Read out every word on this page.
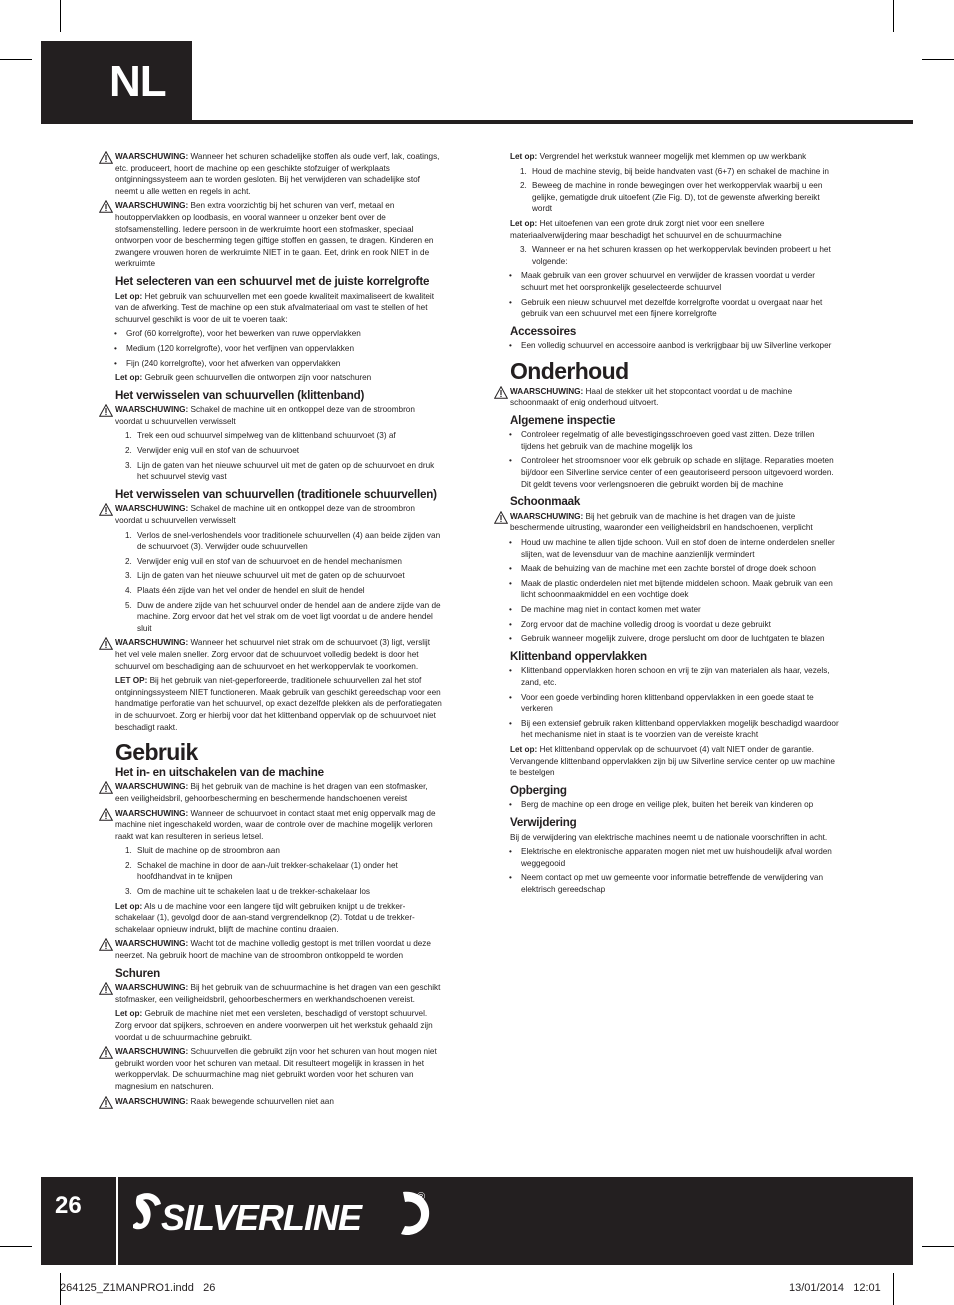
NL
WAARSCHUWING: Wanneer het schuren schadelijke stoffen als oude verf, lak, coatings, etc. produceert, hoort de machine op een geschikte stofzuiger of werkplaats ontginningssysteem aan te worden gesloten. Bij het verwijderen van schadelijke stof neemt u alle wetten en regels in acht.
WAARSCHUWING: Ben extra voorzichtig bij het schuren van verf, metaal en houtoppervlakken op loodbasis, en vooral wanneer u onzeker bent over de stofsamenstelling. Iedere persoon in de werkruimte hoort een stofmasker, speciaal ontworpen voor de bescherming tegen giftige stoffen en gassen, te dragen. Kinderen en zwangere vrouwen horen de werkruimte NIET in te gaan. Eet, drink en rook NIET in de werkruimte
Het selecteren van een schuurvel met de juiste korrelgrofte

Let op: Het gebruik van schuurvellen met een goede kwaliteit maximaliseert de kwaliteit van de afwerking. Test de machine op een stuk afvalmateriaal om vast te stellen of het schuurvel geschikt is voor de uit te voeren taak:

• Grof (60 korrelgrofte), voor het bewerken van ruwe oppervlakken
• Medium (120 korrelgrofte), voor het verfijnen van oppervlakken
• Fijn (240 korrelgrofte), voor het afwerken van oppervlakken

Let op: Gebruik geen schuurvellen die ontworpen zijn voor natschuren

Het verwisselen van schuurvellen (klittenband)
WAARSCHUWING: Schakel de machine uit en ontkoppel deze van de stroombron voordat u schuurvellen verwisselt
1. Trek een oud schuurvel simpelweg van de klittenband schuurvoet (3) af
2. Verwijder enig vuil en stof van de schuurvoet
3. Lijn de gaten van het nieuwe schuurvel uit met de gaten op de schuurvoet en druk het schuurvel stevig vast
Het verwisselen van schuurvellen (traditionele schuurvellen)
WAARSCHUWING: Schakel de machine uit en ontkoppel deze van de stroombron voordat u schuurvellen verwisselt
1. Verlos de snel-verloshendels voor traditionele schuurvellen (4) aan beide zijden van de schuurvoet (3). Verwijder oude schuurvellen
2. Verwijder enig vuil en stof van de schuurvoet en de hendel mechanismen
3. Lijn de gaten van het nieuwe schuurvel uit met de gaten op de schuurvoet
4. Plaats één zijde van het vel onder de hendel en sluit de hendel
5. Duw de andere zijde van het schuurvel onder de hendel aan de andere zijde van de machine. Zorg ervoor dat het vel strak om de voet ligt voordat u de andere hendel sluit
WAARSCHUWING: Wanneer het schuurvel niet strak om de schuurvoet (3) ligt, verslijt het vel vele malen sneller. Zorg ervoor dat de schuurvoet volledig bedekt is door het schuurvel om beschadiging aan de schuurvoet en het werkoppervlak te voorkomen.

LET OP: Bij het gebruik van niet-geperforeerde, traditionele schuurvellen zal het stof ontginningssysteem NIET functioneren. Maak gebruik van geschikt gereedschap voor een handmatige perforatie van het schuurvel, op exact dezelfde plekken als de perforatiegaten in de schuurvoet. Zorg er hierbij voor dat het klittenband oppervlak op de schuurvoet niet beschadigt raakt.

Gebruik
Het in- en uitschakelen van de machine
WAARSCHUWING: Bij het gebruik van de machine is het dragen van een stofmasker, een veiligheidsbril, gehoorbescherming en beschermende handschoenen vereist
WAARSCHUWING: Wanneer de schuurvoet in contact staat met enig oppervalk mag de machine niet ingeschakeld worden, waar de controle over de machine mogelijk verloren raakt wat kan resulteren in serieus letsel.
1. Sluit de machine op de stroombron aan
2. Schakel de machine in door de aan-/uit trekker-schakelaar (1) onder het hoofdhandvat in te knijpen
3. Om de machine uit te schakelen laat u de trekker-schakelaar los

Let op: Als u de machine voor een langere tijd wilt gebruiken knijpt u de trekker-schakelaar (1), gevolgd door de aan-stand vergrendelknop (2). Totdat u de trekker-schakelaar opnieuw indrukt, blijft de machine continu draaien.

WAARSCHUWING: Wacht tot de machine volledig gestopt is met trillen voordat u deze neerzet. Na gebruik hoort de machine van de stroombron ontkoppeld te worden
Schuren
WAARSCHUWING: Bij het gebruik van de schuurmachine is het dragen van een geschikt stofmasker, een veiligheidsbril, gehoorbeschermers en werkhandschoenen vereist.

Let op: Gebruik de machine niet met een versleten, beschadigd of verstopt schuurvel. Zorg ervoor dat spijkers, schroeven en andere voorwerpen uit het werkstuk gehaald zijn voordat u de schuurmachine gebruikt.

WAARSCHUWING: Schuurvellen die gebruikt zijn voor het schuren van hout mogen niet gebruikt worden voor het schuren van metaal. Dit resulteert mogelijk in krassen in het werkoppervlak. De schuurmachine mag niet gebruikt worden voor het schuren van magnesium en natschuren.
WAARSCHUWING: Raak bewegende schuurvellen niet aan

Let op: Vergrendel het werkstuk wanneer mogelijk met klemmen op uw werkbank

1. Houd de machine stevig, bij beide handvaten vast (6+7) en schakel de machine in
2. Beweeg de machine in ronde bewegingen over het werkoppervlak waarbij u een gelijke, gematigde druk uitoefent (Zie Fig. D), tot de gewenste afwerking bereikt wordt

Let op: Het uitoefenen van een grote druk zorgt niet voor een snellere materiaalverwijdering maar beschadigt het schuurvel en de schuurmachine

3. Wanneer er na het schuren krassen op het werkoppervlak bevinden probeert u het volgende:
• Maak gebruik van een grover schuurvel en verwijder de krassen voordat u verder schuurt met het oorspronkelijk geselecteerde schuurvel
• Gebruik een nieuw schuurvel met dezelfde korrelgrofte voordat u overgaat naar het gebruik van een schuurvel met een fijnere korrelgrofte
Accessoires
• Een volledig schuurvel en accessoire aanbod is verkrijgbaar bij uw Silverline verkoper
Onderhoud
WAARSCHUWING: Haal de stekker uit het stopcontact voordat u de machine schoonmaakt of enig onderhoud uitvoert.
Algemene inspectie
• Controleer regelmatig of alle bevestigingsschroeven goed vast zitten. Deze trillen tijdens het gebruik van de machine mogelijk los
• Controleer het stroomsnoer voor elk gebruik op schade en slijtage. Reparaties moeten bij/door een Silverline service center of een geautoriseerd persoon uitgevoerd worden. Dit geldt tevens voor verlengsnoeren die gebruikt worden bij de machine
Schoonmaak
WAARSCHUWING: Bij het gebruik van de machine is het dragen van de juiste beschermende uitrusting, waaronder een veiligheidsbril en handschoenen, verplicht
• Houd uw machine te allen tijde schoon. Vuil en stof doen de interne onderdelen sneller slijten, wat de levensduur van de machine aanzienlijk vermindert
• Maak de behuizing van de machine met een zachte borstel of droge doek schoon
• Maak de plastic onderdelen niet met bijtende middelen schoon. Maak gebruik van een licht schoonmaakmiddel en een vochtige doek
• De machine mag niet in contact komen met water
• Zorg ervoor dat de machine volledig droog is voordat u deze gebruikt
• Gebruik wanneer mogelijk zuivere, droge perslucht om door de luchtgaten te blazen
Klittenband oppervlakken
• Klittenband oppervlakken horen schoon en vrij te zijn van materialen als haar, vezels, zand, etc.
• Voor een goede verbinding horen klittenband oppervlakken in een goede staat te verkeren
• Bij een extensief gebruik raken klittenband oppervlakken mogelijk beschadigd waardoor het mechanisme niet in staat is te voorzien van de vereiste kracht

Let op: Het klittenband oppervlak op de schuurvoet (4) valt NIET onder de garantie. Vervangende klittenband oppervlakken zijn bij uw Silverline service center op uw machine te bestelgen

Opberging
• Berg de machine op een droge en veilige plek, buiten het bereik van kinderen op
Verwijdering

Bij de verwijdering van elektrische machines neemt u de nationale voorschriften in acht.

• Elektrische en elektronische apparaten mogen niet met uw huishoudelijk afval worden weggegooid
• Neem contact op met uw gemeente voor informatie betreffende de verwijdering van elektrisch gereedschap
26 SILVERLINE	®
264125_Z1MANPRO1.indd   26	13/01/2014   12:01
